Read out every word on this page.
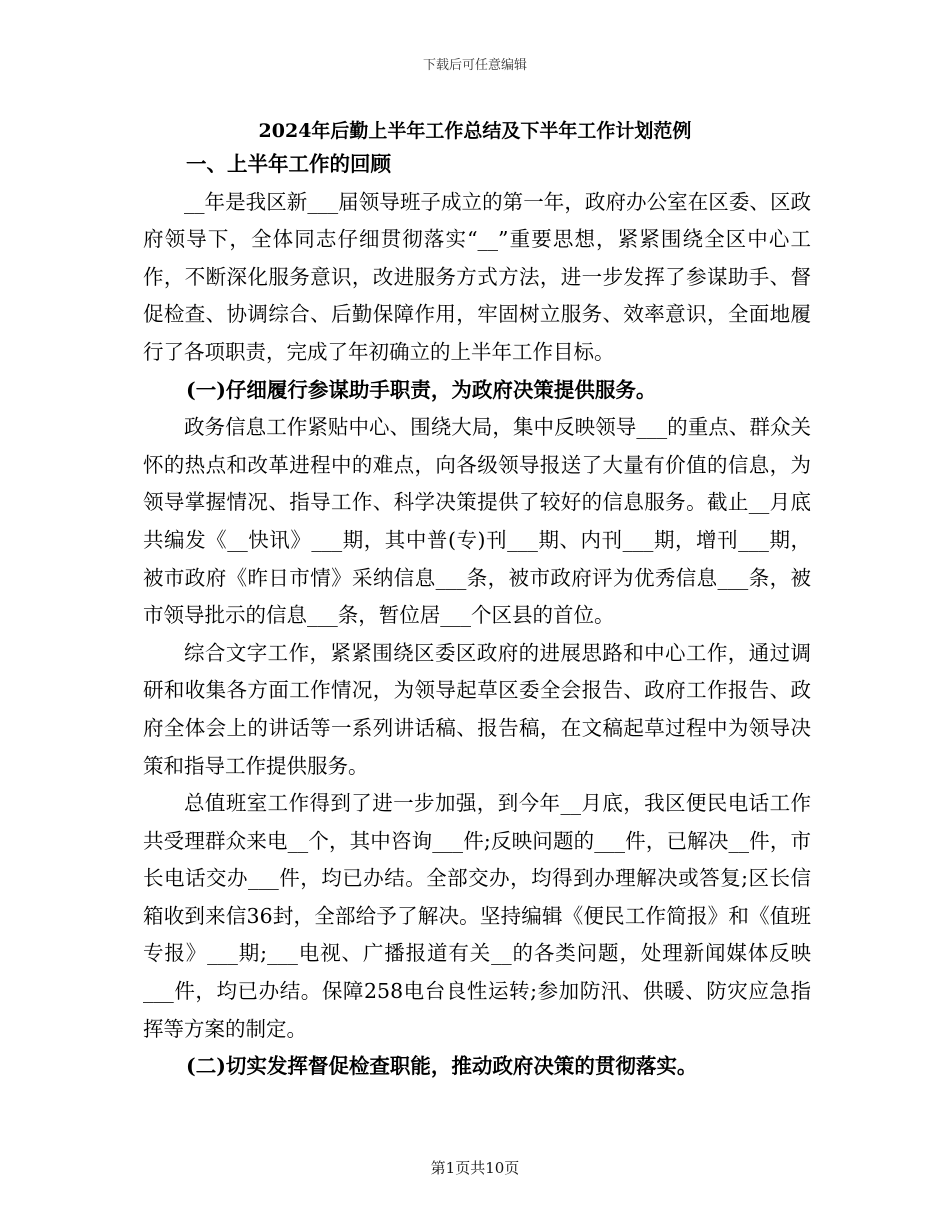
下载后可任意编辑
2024年后勤上半年工作总结及下半年工作计划范例
一、上半年工作的回顾

__年是我区新___届领导班子成立的第一年，政府办公室在区委、区政府领导下，全体同志仔细贯彻落实“__”重要思想，紧紧围绕全区中心工作，不断深化服务意识，改进服务方式方法，进一步发挥了参谋助手、督促检查、协调综合、后勤保障作用，牢固树立服务、效率意识，全面地履行了各项职责，完成了年初确立的上半年工作目标。

(一)仔细履行参谋助手职责，为政府决策提供服务。

政务信息工作紧贴中心、围绕大局，集中反映领导___的重点、群众关怀的热点和改革进程中的难点，向各级领导报送了大量有价值的信息，为领导掌握情况、指导工作、科学决策提供了较好的信息服务。截止__月底共编发《__快讯》___期，其中普(专)刊___期、内刊___期，增刊___期，被市政府《昨日市情》采纳信息___条，被市政府评为优秀信息___条，被市领导批示的信息___条，暂位居___个区县的首位。

综合文字工作，紧紧围绕区委区政府的进展思路和中心工作，通过调研和收集各方面工作情况，为领导起草区委全会报告、政府工作报告、政府全体会上的讲话等一系列讲话稿、报告稿，在文稿起草过程中为领导决策和指导工作提供服务。

总值班室工作得到了进一步加强，到今年__月底，我区便民电话工作共受理群众来电__个，其中咨询___件;反映问题的___件，已解决__件，市长电话交办___件，均已办结。全部交办，均得到办理解决或答复;区长信箱收到来信36封，全部给予了解决。坚持编辑《便民工作简报》和《值班专报》___期;___电视、广播报道有关__的各类问题，处理新闻媒体反映___件，均已办结。保障258电台良性运转;参加防汛、供暖、防灾应急指挥等方案的制定。

(二)切实发挥督促检查职能，推动政府决策的贯彻落实。
第1页共10页
